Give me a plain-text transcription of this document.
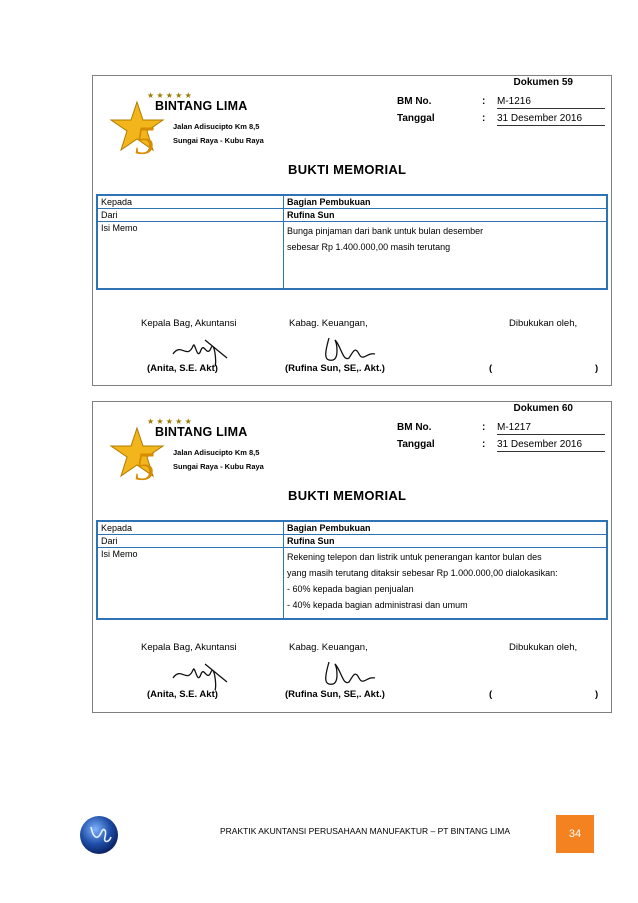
Dokumen 59
5
★ ★ ★ ★ ★
BINTANG LIMA
Jalan Adisucipto Km 8,5
Sungai Raya - Kubu Raya
BM No.	: M-1216
Tanggal	: 31 Desember 2016
BUKTI MEMORIAL
Kepada	Bagian Pembukuan
Dari	Rufina Sun
Isi Memo	Bunga pinjaman dari bank untuk bulan desember
sebesar Rp 1.400.000,00 masih terutang
Kepala Bag, Akuntansi	Kabag. Keuangan,	Dibukukan oleh,
(Anita, S.E. Akt)	(Rufina Sun, SE,. Akt.)	(	)
Dokumen 60
5
★ ★ ★ ★ ★
BINTANG LIMA
Jalan Adisucipto Km 8,5
Sungai Raya - Kubu Raya
BM No.	: M-1217
Tanggal	: 31 Desember 2016
BUKTI MEMORIAL
Kepada	Bagian Pembukuan
Dari	Rufina Sun
Isi Memo	Rekening telepon dan listrik untuk penerangan kantor bulan des
yang masih terutang ditaksir sebesar Rp 1.000.000,00 dialokasikan:
- 60% kepada bagian penjualan
- 40% kepada bagian administrasi dan umum
Kepala Bag, Akuntansi	Kabag. Keuangan,	Dibukukan oleh,
(Anita, S.E. Akt)	(Rufina Sun, SE,. Akt.)	(	)
PRAKTIK AKUNTANSI PERUSAHAAN MANUFAKTUR – PT BINTANG LIMA	34
